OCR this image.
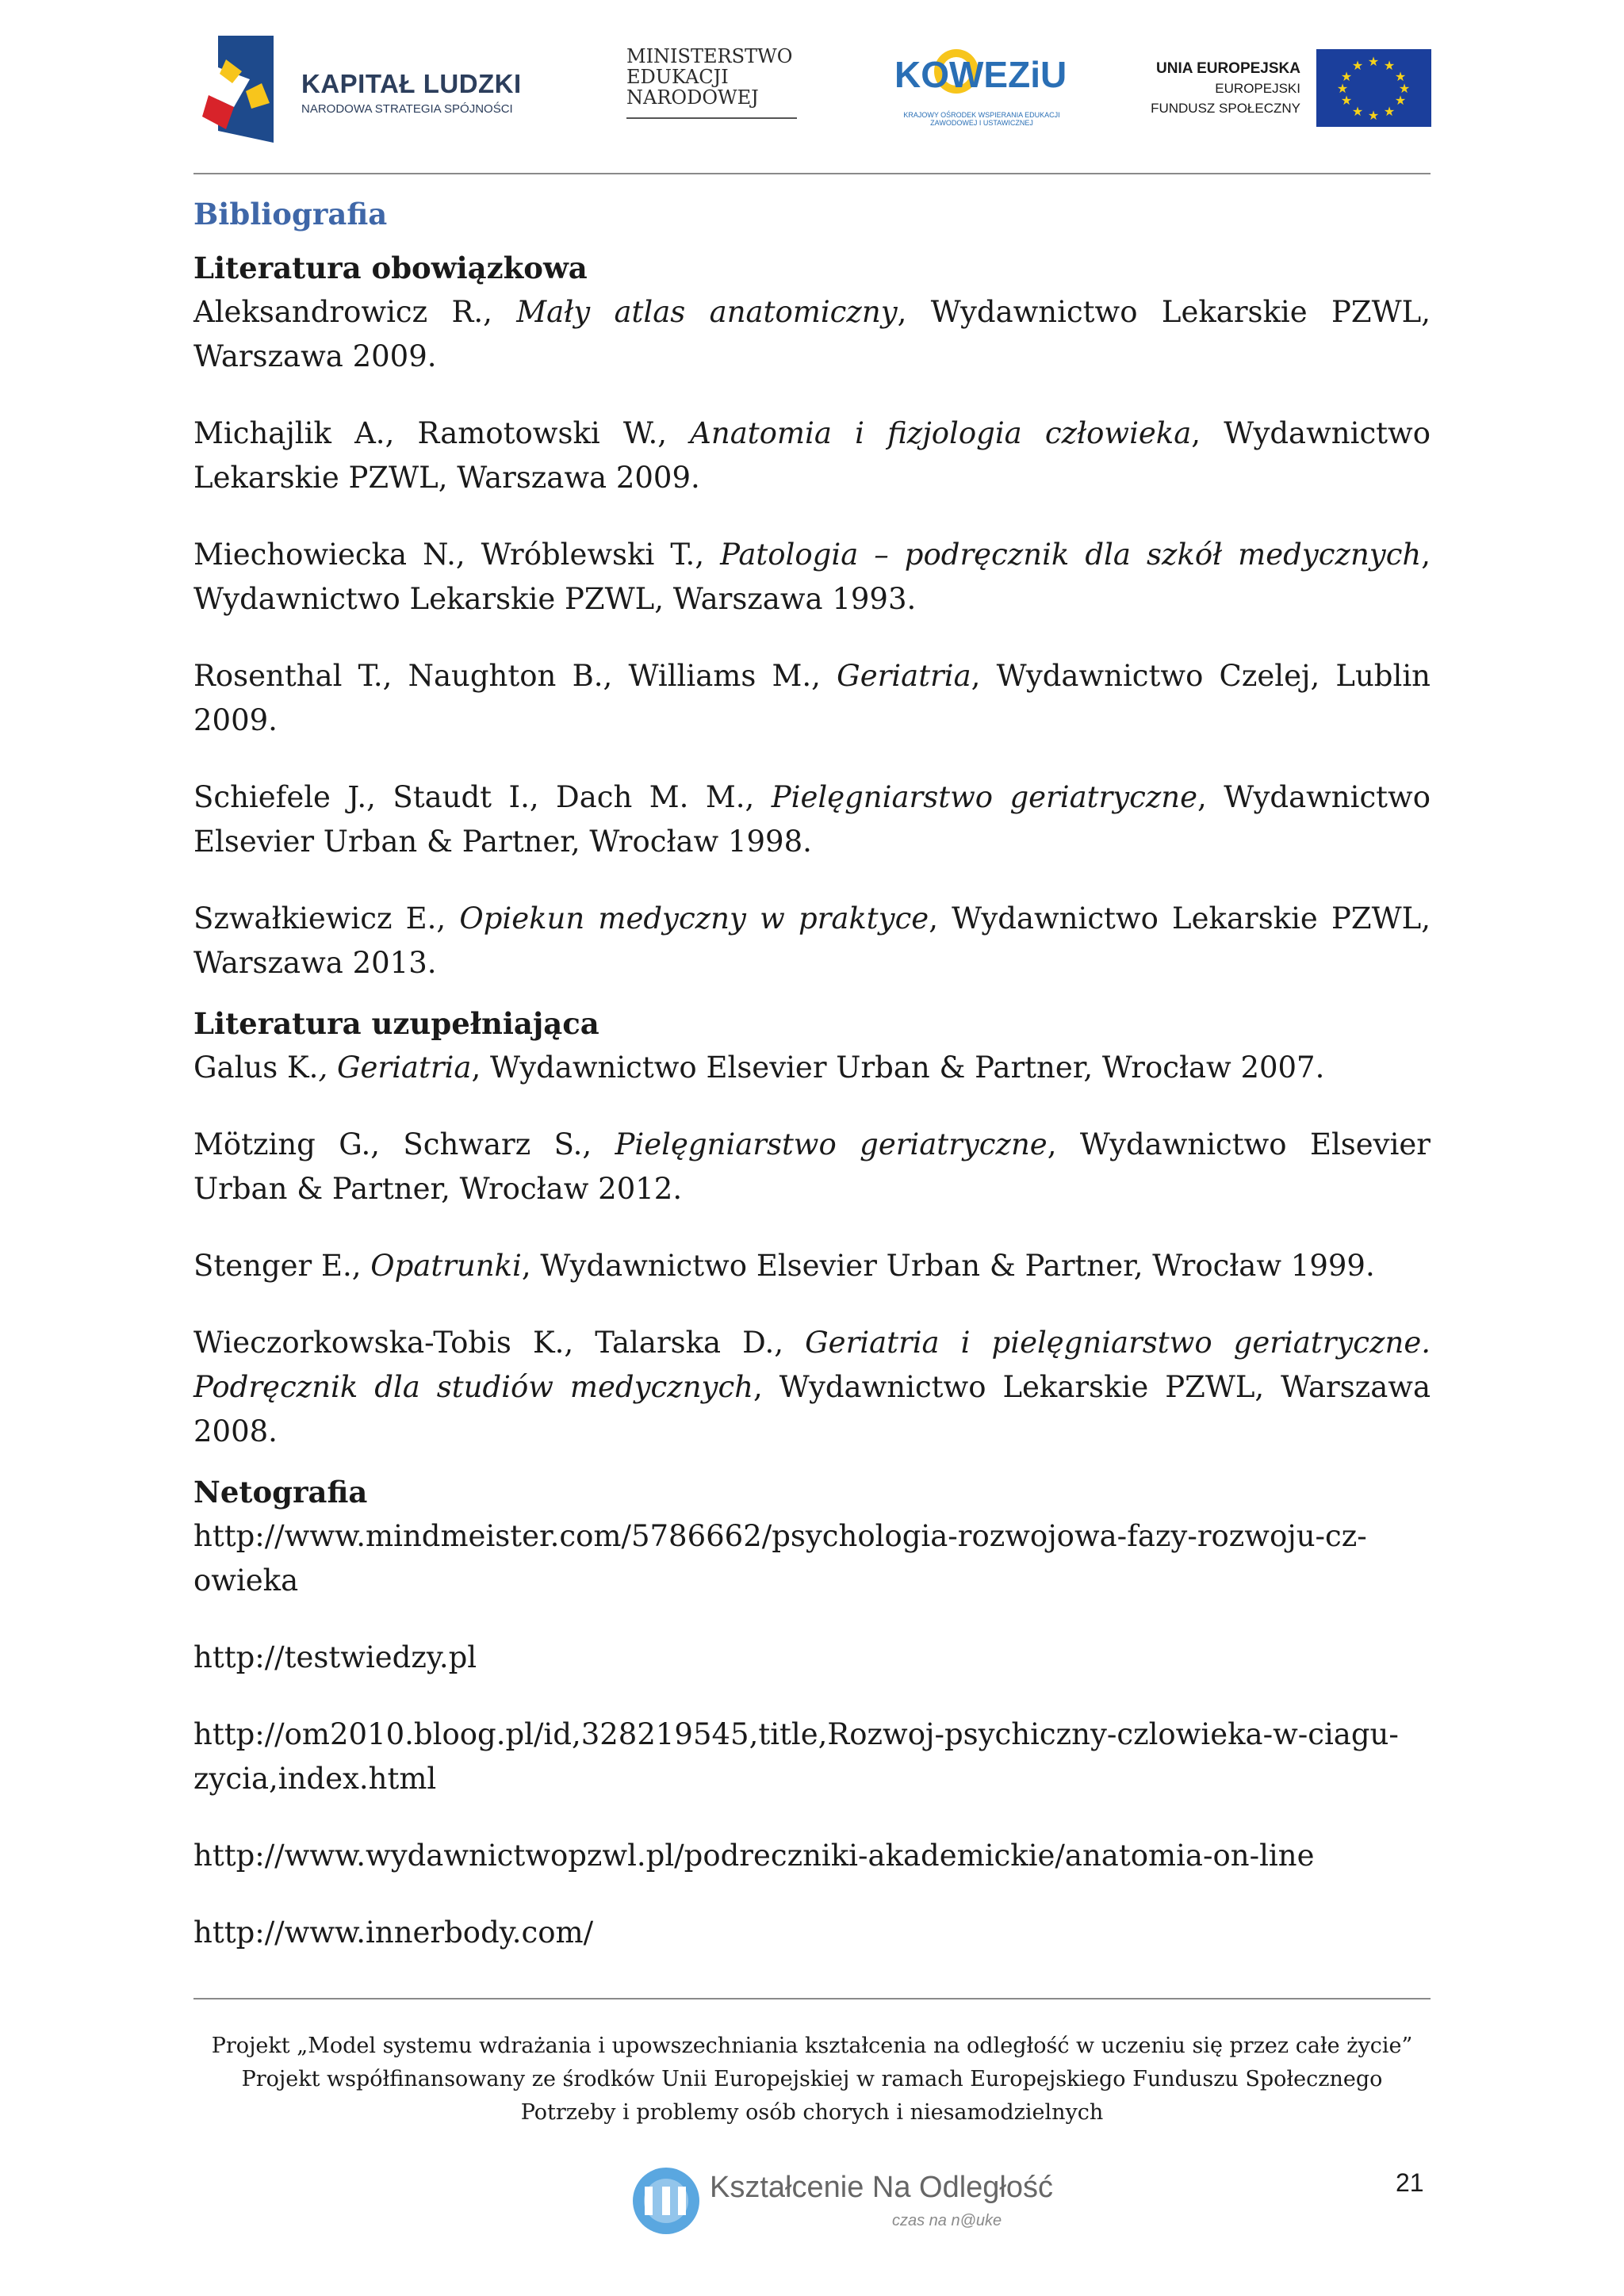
KAPITAŁ LUDZKI
NARODOWA STRATEGIA SPÓJNOŚCI
MINISTERSTWO
EDUKACJI
NARODOWEJ
KOWEZiU
KRAJOWY OŚRODEK WSPIERANIA EDUKACJI ZAWODOWEJ I USTAWICZNEJ
UNIA EUROPEJSKA
EUROPEJSKI
FUNDUSZ SPOŁECZNY
★ ★
★
★
★
★
★
★
★
★
★
★
Bibliografia
Literatura obowiązkowa

Aleksandrowicz R., Mały atlas anatomiczny, Wydawnictwo Lekarskie PZWL, Warszawa 2009.

Michajlik A., Ramotowski W., Anatomia i fizjologia człowieka, Wydawnictwo Lekarskie PZWL, Warszawa 2009.

Miechowiecka N., Wróblewski T., Patologia – podręcznik dla szkół medycznych, Wydawnictwo Lekarskie PZWL, Warszawa 1993.

Rosenthal T., Naughton B., Williams M., Geriatria, Wydawnictwo Czelej, Lublin 2009.

Schiefele J., Staudt I., Dach M. M., Pielęgniarstwo geriatryczne, Wydawnictwo Elsevier Urban & Partner, Wrocław 1998.

Szwałkiewicz E., Opiekun medyczny w praktyce, Wydawnictwo Lekarskie PZWL, Warszawa 2013.

Literatura uzupełniająca

Galus K., Geriatria, Wydawnictwo Elsevier Urban & Partner, Wrocław 2007.

Mötzing G., Schwarz S., Pielęgniarstwo geriatryczne, Wydawnictwo Elsevier Urban & Partner, Wrocław 2012.

Stenger E., Opatrunki, Wydawnictwo Elsevier Urban & Partner, Wrocław 1999.

Wieczorkowska-Tobis K., Talarska D., Geriatria i pielęgniarstwo geriatryczne. Podręcznik dla studiów medycznych, Wydawnictwo Lekarskie PZWL, Warszawa 2008.

Netografia
http://www.mindmeister.com/5786662/psychologia-rozwojowa-fazy-rozwoju-cz-
owieka
http://testwiedzy.pl
http://om2010.bloog.pl/id,328219545,title,Rozwoj-psychiczny-czlowieka-w-ciagu-
zycia,index.html
http://www.wydawnictwopzwl.pl/podreczniki-akademickie/anatomia-on-line
http://www.innerbody.com/
Projekt „Model systemu wdrażania i upowszechniania kształcenia na odległość w uczeniu się przez całe życie”
Projekt współfinansowany ze środków Unii Europejskiej w ramach Europejskiego Funduszu Społecznego
Potrzeby i problemy osób chorych i niesamodzielnych
Kształcenie Na Odległość
czas na n@uke
21
